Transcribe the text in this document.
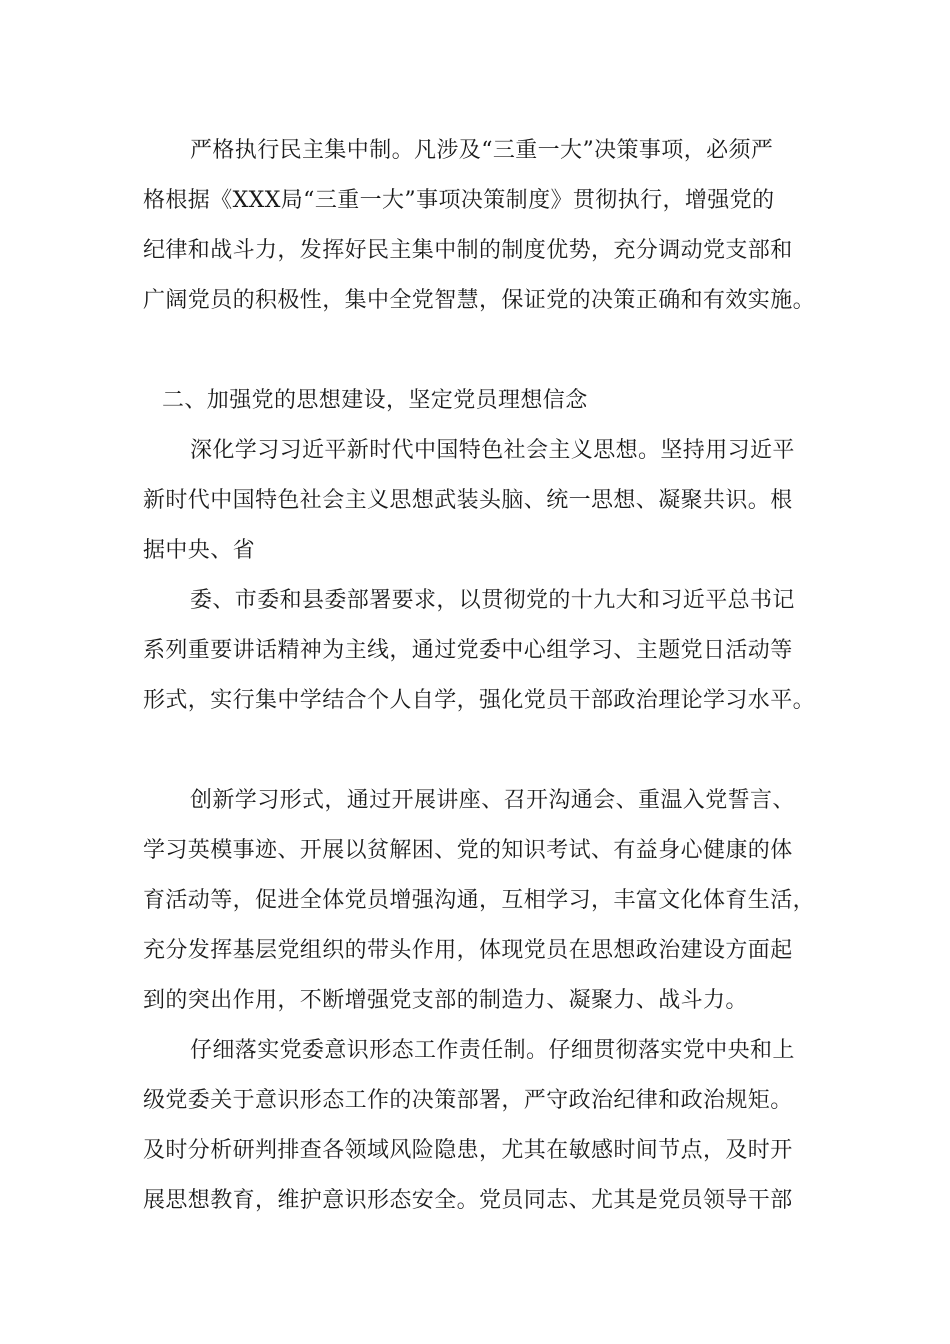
严格执行民主集中制。凡涉及“三重一大”决策事项，必须严
格根据《XXX局“三重一大”事项决策制度》贯彻执行，增强党的
纪律和战斗力，发挥好民主集中制的制度优势，充分调动党支部和
广阔党员的积极性，集中全党智慧，保证党的决策正确和有效实施。
二、加强党的思想建设，坚定党员理想信念
深化学习习近平新时代中国特色社会主义思想。坚持用习近平
新时代中国特色社会主义思想武装头脑、统一思想、凝聚共识。根
据中央、省
委、市委和县委部署要求，以贯彻党的十九大和习近平总书记
系列重要讲话精神为主线，通过党委中心组学习、主题党日活动等
形式，实行集中学结合个人自学，强化党员干部政治理论学习水平。
创新学习形式，通过开展讲座、召开沟通会、重温入党誓言、
学习英模事迹、开展以贫解困、党的知识考试、有益身心健康的体
育活动等，促进全体党员增强沟通，互相学习，丰富文化体育生活，
充分发挥基层党组织的带头作用，体现党员在思想政治建设方面起
到的突出作用，不断增强党支部的制造力、凝聚力、战斗力。
仔细落实党委意识形态工作责任制。仔细贯彻落实党中央和上
级党委关于意识形态工作的决策部署，严守政治纪律和政治规矩。
及时分析研判排查各领域风险隐患，尤其在敏感时间节点，及时开
展思想教育，维护意识形态安全。党员同志、尤其是党员领导干部
